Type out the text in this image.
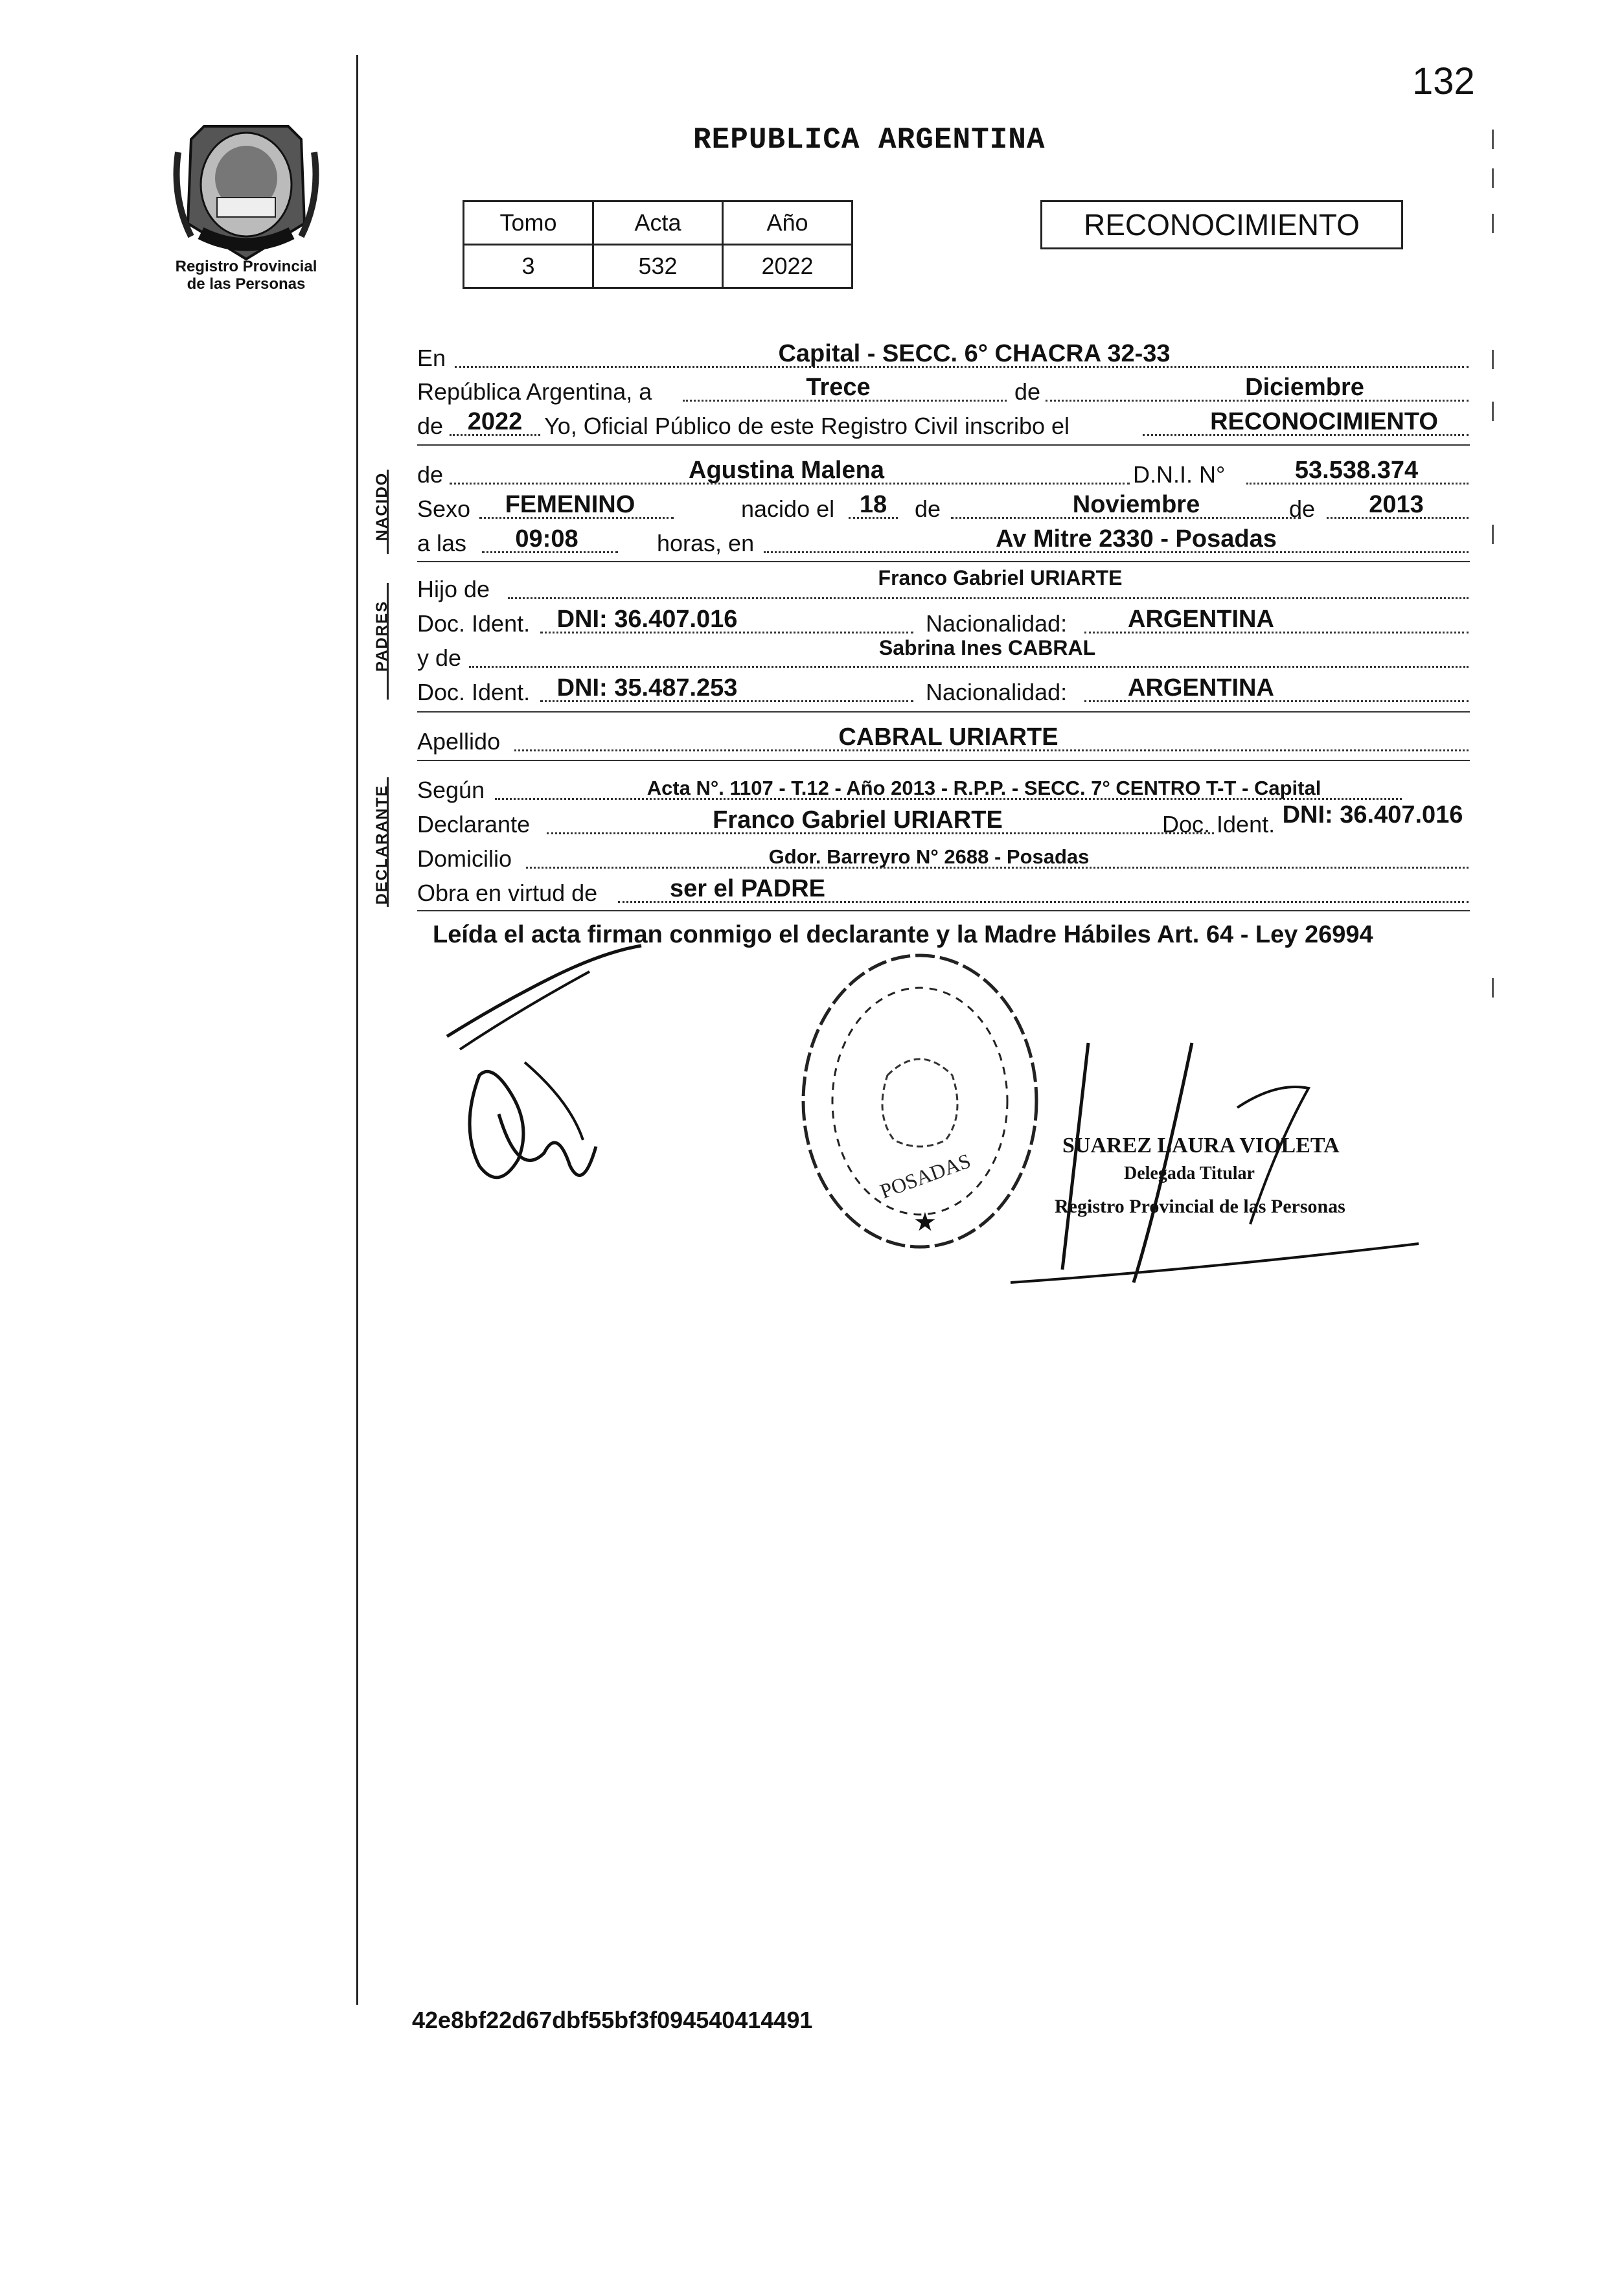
Registro Provincial
de las Personas
132
REPUBLICA ARGENTINA
Tomo	Acta	Año
3	532	2022
RECONOCIMIENTO
En	Capital - SECC. 6° CHACRA 32-33
República Argentina, a	Trece	de	Diciembre
de 2022 Yo, Oficial Público de este Registro Civil inscribo el	RECONOCIMIENTO
NACIDO de	Agustina Malena	D.N.I. N°	53.538.374
Sexo	FEMENINO	nacido el	18	de	Noviembre	de	2013
a las	09:08	horas, en	Av Mitre 2330 - Posadas
PADRES
Hijo de	Franco Gabriel URIARTE
Doc. Ident.	DNI: 36.407.016	Nacionalidad:	ARGENTINA
y de	Sabrina Ines CABRAL
Doc. Ident.	DNI: 35.487.253	Nacionalidad:	ARGENTINA
Apellido	CABRAL URIARTE
DECLARANTE Según	Acta N°. 1107 - T.12 - Año 2013 - R.P.P. - SECC. 7° CENTRO T-T - Capital
Declarante	Franco Gabriel URIARTE	Doc. Ident. DNI: 36.407.016
Domicilio	Gdor. Barreyro N° 2688 - Posadas
Obra en virtud de	ser el PADRE
Leída el acta firman conmigo el declarante y la Madre Hábiles Art. 64 - Ley 26994
POSADAS
★
SUAREZ LAURA VIOLETA
Delegada Titular
Registro Provincial de las Personas
42e8bf22d67dbf55bf3f094540414491
